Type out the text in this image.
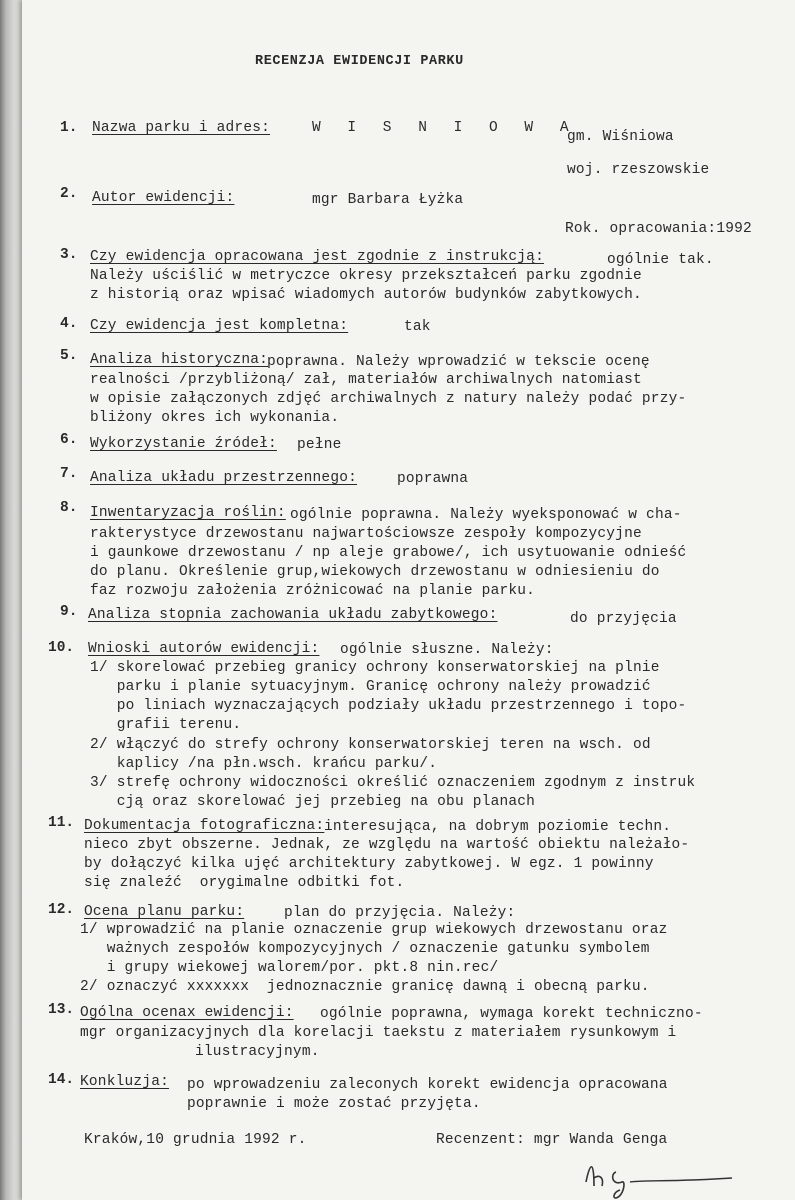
RECENZJA EWIDENCJI PARKU
1. Nazwa parku i adres:	W I S N I O W A
gm. Wiśniowa
woj. rzeszowskie
2. Autor ewidencji:	mgr Barbara Łyżka
Rok. opracowania:1992
3. Czy ewidencja opracowana jest zgodnie z instrukcją:	ogólnie tak.
Należy uściślić w metryczce okresy przekształceń parku zgodnie
z historią oraz wpisać wiadomych autorów budynków zabytkowych.
4. Czy ewidencja jest kompletna:	tak
5. Analiza historyczna:
poprawna. Należy wprowadzić w tekscie ocenę
realności /przybliżoną/ zał, materiałów archiwalnych natomiast
w opisie załączonych zdjęć archiwalnych z natury należy podać przy-
bliżony okres ich wykonania.
6. Wykorzystanie źródeł: pełne
7. Analiza układu przestrzennego:	poprawna
8. Inwentaryzacja roślin: ogólnie poprawna. Należy wyeksponować w cha-
rakterystyce drzewostanu najwartościowsze zespoły kompozycyjne
i gaunkowe drzewostanu / np aleje grabowe/, ich usytuowanie odnieść
do planu. Określenie grup,wiekowych drzewostanu w odniesieniu do
faz rozwoju założenia zróżnicować na planie parku.
9. Analiza stopnia zachowania układu zabytkowego:	do przyjęcia
10. Wnioski autorów ewidencji: ogólnie słuszne. Należy:
1/ skorelować przebieg granicy ochrony konserwatorskiej na plnie
parku i planie sytuacyjnym. Granicę ochrony należy prowadzić
po liniach wyznaczających podziały układu przestrzennego i topo-
grafii terenu.
2/ włączyć do strefy ochrony konserwatorskiej teren na wsch. od
kaplicy /na płn.wsch. krańcu parku/.
3/ strefę ochrony widoczności określić oznaczeniem zgodnym z instruk
cją oraz skorelować jej przebieg na obu planach
11. Dokumentacja fotograficzna: interesująca, na dobrym poziomie techn.
nieco zbyt obszerne. Jednak, ze względu na wartość obiektu należało-
by dołączyć kilka ujęć architektury zabytkowej. W egz. 1 powinny
się znaleźć  orygimalne odbitki fot.
12. Ocena planu parku:	plan do przyjęcia. Należy:
1/ wprowadzić na planie oznaczenie grup wiekowych drzewostanu oraz
ważnych zespołów kompozycyjnych / oznaczenie gatunku symbolem
i grupy wiekowej walorem/por. pkt.8 nin.rec/
2/ oznaczyć xxxxxxx  jednoznacznie granicę dawną i obecną parku.
13. Ogólna ocenax ewidencji: ogólnie poprawna, wymaga korekt techniczno-
mgr organizacyjnych dla korelacji taekstu z materiałem rysunkowym i
ilustracyjnym.
14. Konkluzja: po wprowadzeniu zaleconych korekt ewidencja opracowana
poprawnie i może zostać przyjęta.
Kraków,10 grudnia 1992 r.	Recenzent: mgr Wanda Genga
